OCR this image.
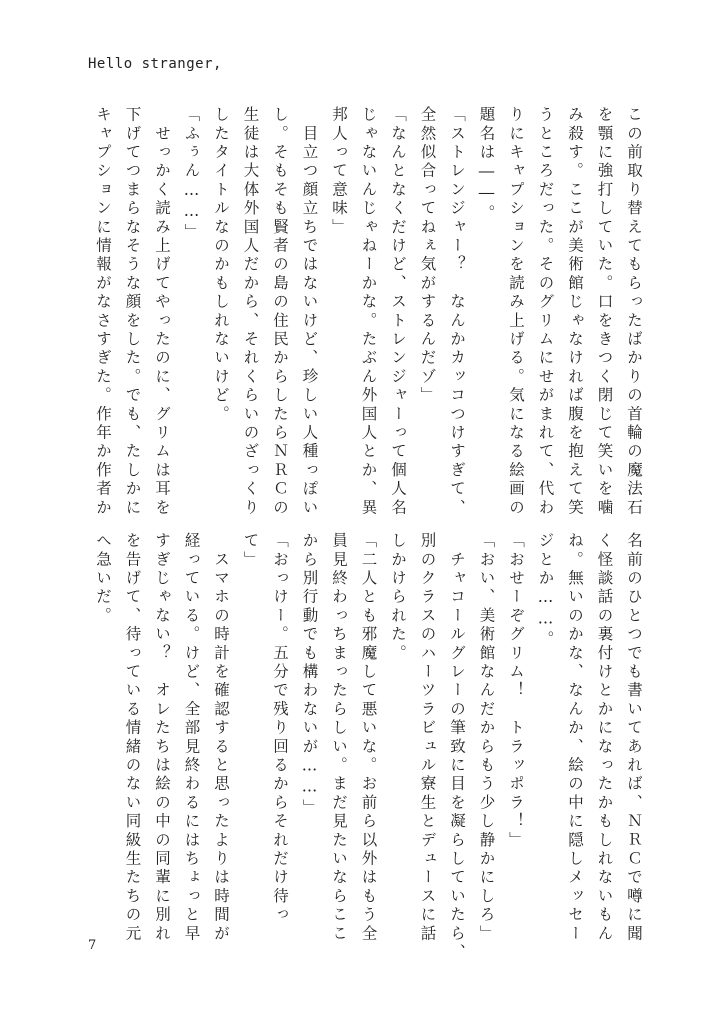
Hello stranger,
この前取り替えてもらったばかりの首輪の魔法石
を顎に強打していた。口をきつく閉じて笑いを噛
み殺す。ここが美術館じゃなければ腹を抱えて笑
うところだった。そのグリムにせがまれて、代わ
りにキャプションを読み上げる。気になる絵画の
題名は――。
「ストレンジャー？　なんかカッコつけすぎて、
全然似合ってねぇ気がするんだゾ」
「なんとなくだけど、ストレンジャーって個人名
じゃないんじゃねーかな。たぶん外国人とか、異
邦人って意味」
　目立つ顔立ちではないけど、珍しい人種っぽい
し。そもそも賢者の島の住民からしたらＮＲＣの
生徒は大体外国人だから、それくらいのざっくり
したタイトルなのかもしれないけど。
「ふぅん……」
　せっかく読み上げてやったのに、グリムは耳を
下げてつまらなそうな顔をした。でも、たしかに
キャプションに情報がなさすぎた。作年か作者か
名前のひとつでも書いてあれば、ＮＲＣで噂に聞
く怪談話の裏付けとかになったかもしれないもん
ね。無いのかな、なんか、絵の中に隠しメッセー
ジとか……。
「おせーぞグリム！　トラッポラ！」
「おい、美術館なんだからもう少し静かにしろ」
　チャコールグレーの筆致に目を凝らしていたら、
別のクラスのハーツラビュル寮生とデュースに話
しかけられた。
「二人とも邪魔して悪いな。お前ら以外はもう全
員見終わっちまったらしい。まだ見たいならここ
から別行動でも構わないが……」
「おっけー。五分で残り回るからそれだけ待っ
て」
　スマホの時計を確認すると思ったよりは時間が
経っている。けど、全部見終わるにはちょっと早
すぎじゃない？　オレたちは絵の中の同輩に別れ
を告げて、待っている情緒のない同級生たちの元
へ急いだ。
7
